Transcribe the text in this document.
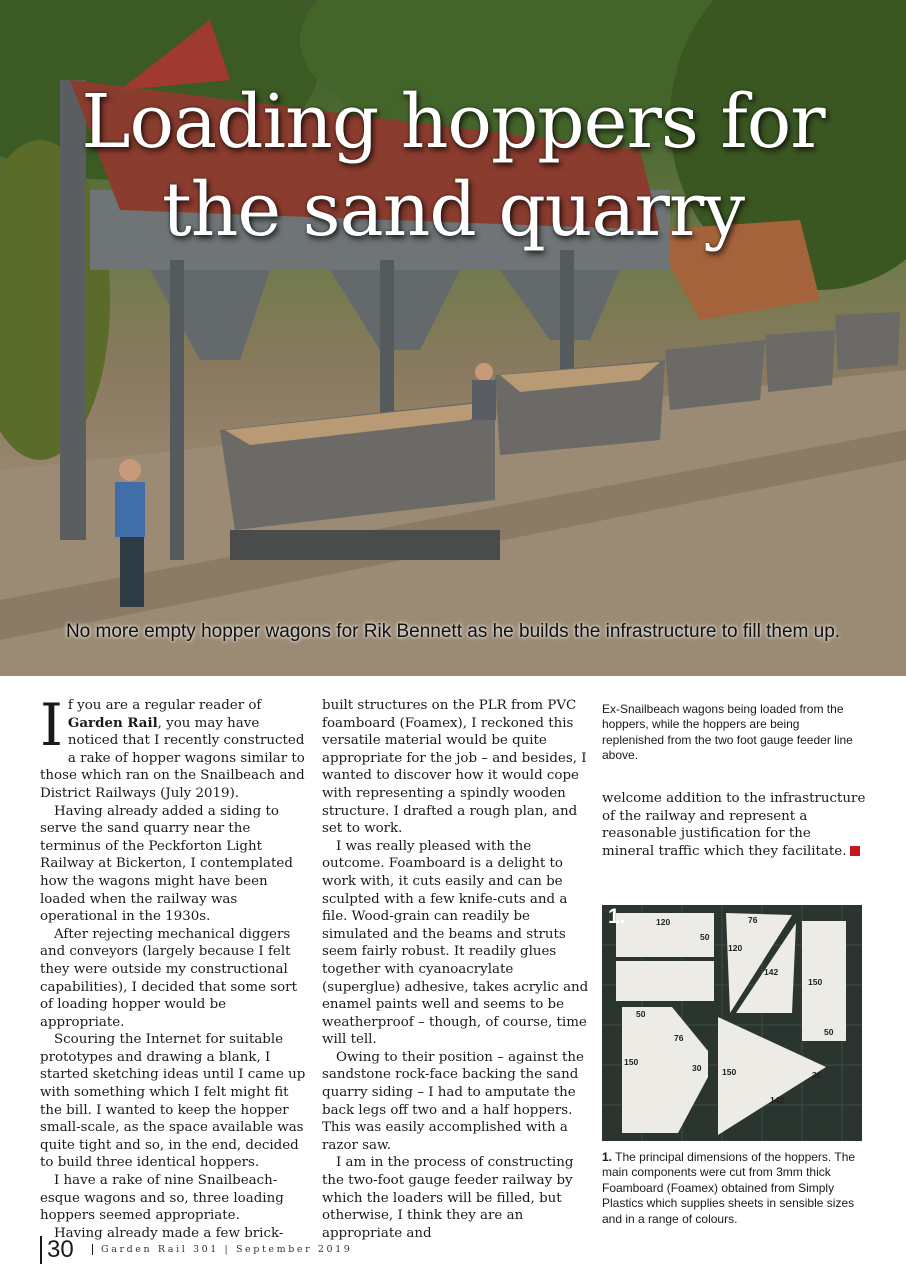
Loading hoppers for
the sand quarry

No more empty hopper wagons for Rik Bennett as he builds the infrastructure to fill them up.

If you are a regular reader of Garden Rail, you may have noticed that I recently constructed a rake of hopper wagons similar to those which ran on the Snailbeach and District Railways (July 2019).

Having already added a siding to serve the sand quarry near the terminus of the Peckforton Light Railway at Bickerton, I contemplated how the wagons might have been loaded when the railway was operational in the 1930s.

After rejecting mechanical diggers and conveyors (largely because I felt they were outside my constructional capabilities), I decided that some sort of loading hopper would be appropriate.

Scouring the Internet for suitable prototypes and drawing a blank, I started sketching ideas until I came up with something which I felt might fit the bill. I wanted to keep the hopper small-scale, as the space available was quite tight and so, in the end, decided to build three identical hoppers.

I have a rake of nine Snailbeach-esque wagons and so, three loading hoppers seemed appropriate.

Having already made a few brick-

built structures on the PLR from PVC foamboard (Foamex), I reckoned this versatile material would be quite appropriate for the job – and besides, I wanted to discover how it would cope with representing a spindly wooden structure. I drafted a rough plan, and set to work.

I was really pleased with the outcome. Foamboard is a delight to work with, it cuts easily and can be sculpted with a few knife-cuts and a file. Wood-grain can readily be simulated and the beams and struts seem fairly robust. It readily glues together with cyanoacrylate (superglue) adhesive, takes acrylic and enamel paints well and seems to be weatherproof – though, of course, time will tell.

Owing to their position – against the sandstone rock-face backing the sand quarry siding – I had to amputate the back legs off two and a half hoppers. This was easily accomplished with a razor saw.

I am in the process of constructing the two-foot gauge feeder railway by which the loaders will be filled, but otherwise, I think they are an appropriate and

Ex-Snailbeach wagons being loaded from the hoppers, while the hoppers are being replenished from the two foot gauge feeder line above.

welcome addition to the infrastructure of the railway and represent a reasonable justification for the mineral traffic which they facilitate.

1.	120
50
76
120
142
150
50
50
76
150
30 150	30
142
1. The principal dimensions of the hoppers. The main components were cut from 3mm thick Foamboard (Foamex) obtained from Simply Plastics which supplies sheets in sensible sizes and in a range of colours.
30	Garden Rail 301 | September 2019
